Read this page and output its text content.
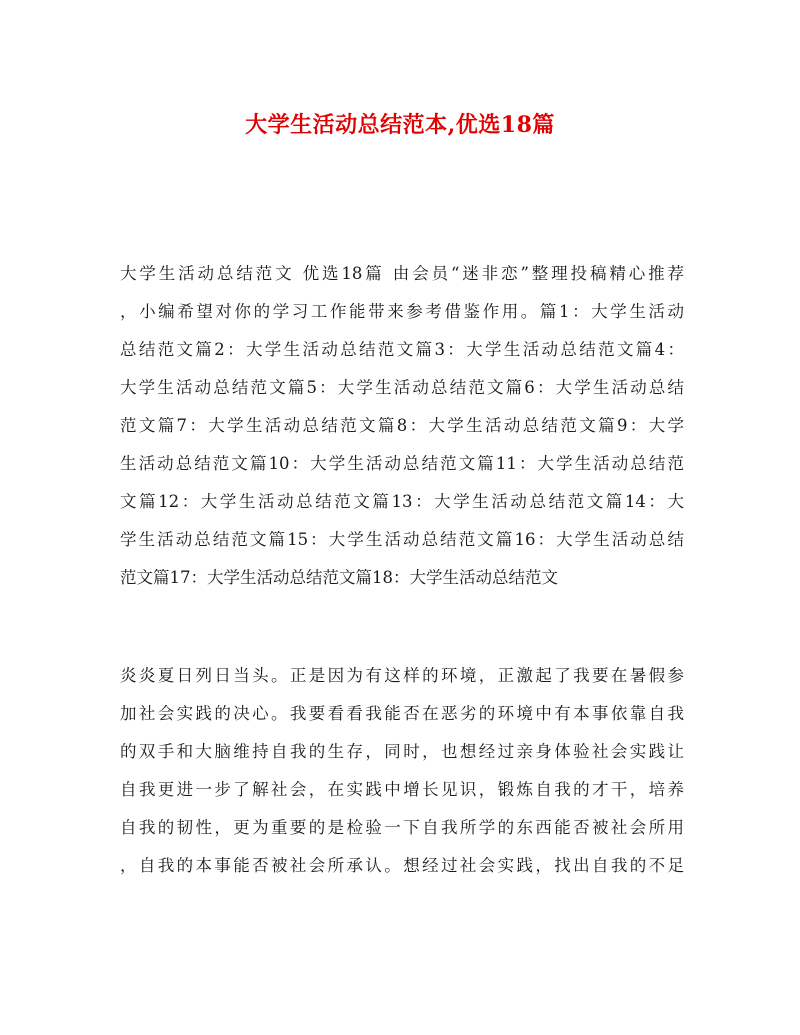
大学生活动总结范本,优选18篇
大学生活动总结范文 优选18篇 由会员“迷非恋”整理投稿精心推荐
，小编希望对你的学习工作能带来参考借鉴作用。篇1：大学生活动
总结范文篇2：大学生活动总结范文篇3：大学生活动总结范文篇4：
大学生活动总结范文篇5：大学生活动总结范文篇6：大学生活动总结
范文篇7：大学生活动总结范文篇8：大学生活动总结范文篇9：大学
生活动总结范文篇10：大学生活动总结范文篇11：大学生活动总结范
文篇12：大学生活动总结范文篇13：大学生活动总结范文篇14：大
学生活动总结范文篇15：大学生活动总结范文篇16：大学生活动总结
范文篇17：大学生活动总结范文篇18：大学生活动总结范文
炎炎夏日列日当头。正是因为有这样的环境，正激起了我要在暑假参
加社会实践的决心。我要看看我能否在恶劣的环境中有本事依靠自我
的双手和大脑维持自我的生存，同时，也想经过亲身体验社会实践让
自我更进一步了解社会，在实践中增长见识，锻炼自我的才干，培养
自我的韧性，更为重要的是检验一下自我所学的东西能否被社会所用
，自我的本事能否被社会所承认。想经过社会实践，找出自我的不足
